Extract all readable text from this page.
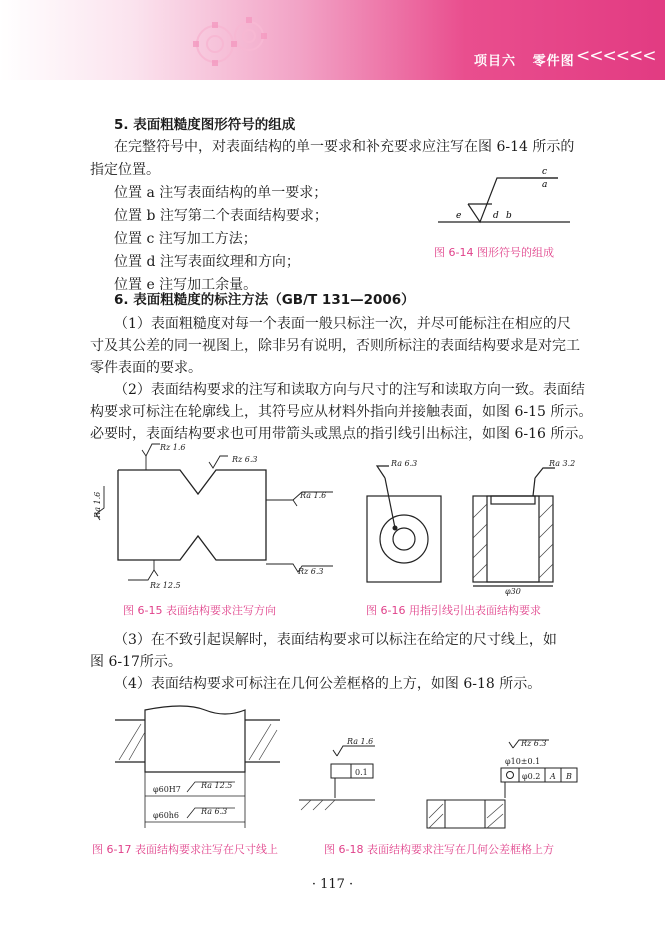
项目六 零件图 <<<<<<
5. 表面粗糙度图形符号的组成
在完整符号中，对表面结构的单一要求和补充要求应注写在图 6-14 所示的
指定位置。
位置 a 注写表面结构的单一要求；
位置 b 注写第二个表面结构要求；
位置 c 注写加工方法；
位置 d 注写表面纹理和方向；
位置 e 注写加工余量。
c
a
e	d b
图 6-14 图形符号的组成
6. 表面粗糙度的标注方法（GB/T 131—2006）
（1）表面粗糙度对每一个表面一般只标注一次，并尽可能标注在相应的尺
寸及其公差的同一视图上，除非另有说明，否则所标注的表面结构要求是对完工
零件表面的要求。
（2）表面结构要求的注写和读取方向与尺寸的注写和读取方向一致。表面结
构要求可标注在轮廓线上，其符号应从材料外指向并接触表面，如图 6-15 所示。
必要时，表面结构要求也可用带箭头或黑点的指引线引出标注，如图 6-16 所示。
Rz 1.6
Rz 6.3
Ra 1.6
Ra 1.6
Rz 12.5
Rz 6.3
图 6-15 表面结构要求注写方向
Ra 6.3	Ra 3.2
φ30
图 6-16 用指引线引出表面结构要求
（3）在不致引起误解时，表面结构要求可以标注在给定的尺寸线上，如
图 6-17所示。
（4）表面结构要求可标注在几何公差框格的上方，如图 6-18 所示。
φ60H7	Ra 12.5
φ60h6	Ra 6.3
图 6-17 表面结构要求注写在尺寸线上
Ra 1.6
0.1
Rz 6.3
φ10±0.1
φ0.2 A B
图 6-18 表面结构要求注写在几何公差框格上方
· 117 ·
